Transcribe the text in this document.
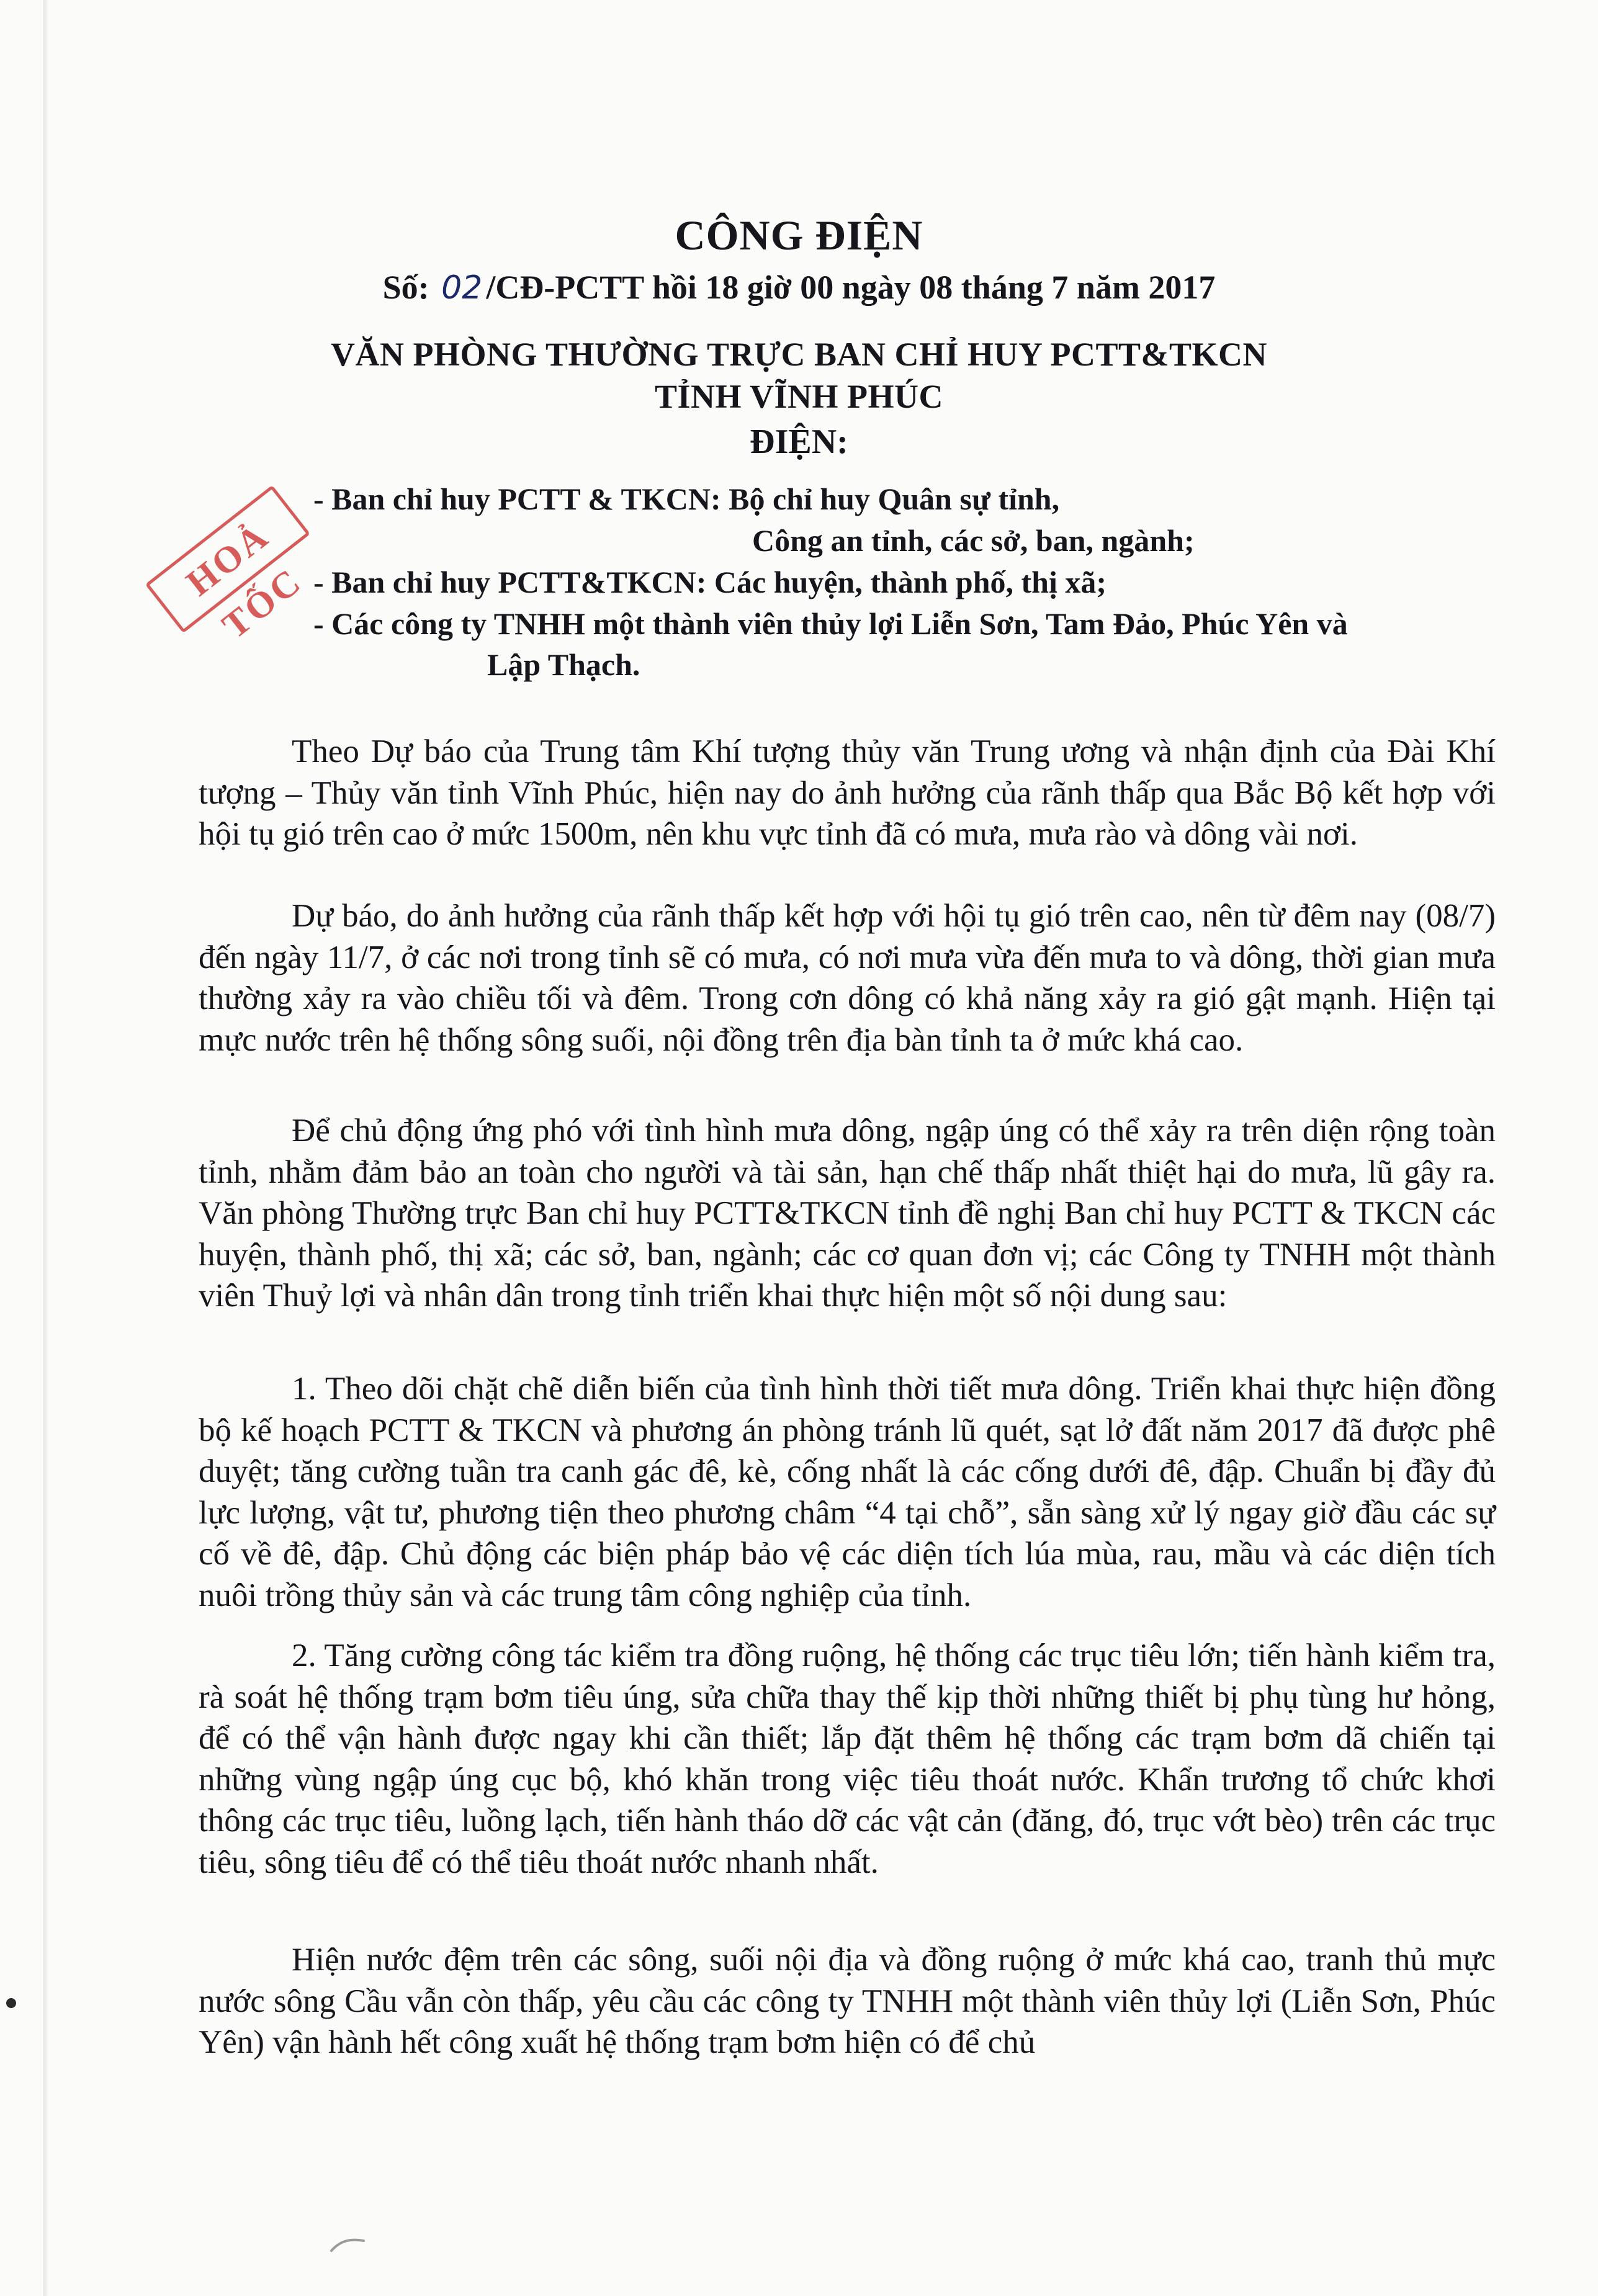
CÔNG ĐIỆN
Số: 02 /CĐ-PCTT hồi 18 giờ 00 ngày 08 tháng 7 năm 2017
VĂN PHÒNG THƯỜNG TRỰC BAN CHỈ HUY PCTT&TKCN
TỈNH VĨNH PHÚC
ĐIỆN:
- Ban chỉ huy PCTT & TKCN: Bộ chỉ huy Quân sự tỉnh,
Công an tỉnh, các sở, ban, ngành;
- Ban chỉ huy PCTT&TKCN: Các huyện, thành phố, thị xã;
- Các công ty TNHH một thành viên thủy lợi Liễn Sơn, Tam Đảo, Phúc Yên và
Lập Thạch.
HOẢ TỐC
Theo Dự báo của Trung tâm Khí tượng thủy văn Trung ương và nhận định của Đài Khí tượng – Thủy văn tỉnh Vĩnh Phúc, hiện nay do ảnh hưởng của rãnh thấp qua Bắc Bộ kết hợp với hội tụ gió trên cao ở mức 1500m, nên khu vực tỉnh đã có mưa, mưa rào và dông vài nơi.
Dự báo, do ảnh hưởng của rãnh thấp kết hợp với hội tụ gió trên cao, nên từ đêm nay (08/7) đến ngày 11/7, ở các nơi trong tỉnh sẽ có mưa, có nơi mưa vừa đến mưa to và dông, thời gian mưa thường xảy ra vào chiều tối và đêm. Trong cơn dông có khả năng xảy ra gió gật mạnh. Hiện tại mực nước trên hệ thống sông suối, nội đồng trên địa bàn tỉnh ta ở mức khá cao.
Để chủ động ứng phó với tình hình mưa dông, ngập úng có thể xảy ra trên diện rộng toàn tỉnh, nhằm đảm bảo an toàn cho người và tài sản, hạn chế thấp nhất thiệt hại do mưa, lũ gây ra. Văn phòng Thường trực Ban chỉ huy PCTT&TKCN tỉnh đề nghị Ban chỉ huy PCTT & TKCN các huyện, thành phố, thị xã; các sở, ban, ngành; các cơ quan đơn vị; các Công ty TNHH một thành viên Thuỷ lợi và nhân dân trong tỉnh triển khai thực hiện một số nội dung sau:
1. Theo dõi chặt chẽ diễn biến của tình hình thời tiết mưa dông. Triển khai thực hiện đồng bộ kế hoạch PCTT & TKCN và phương án phòng tránh lũ quét, sạt lở đất năm 2017 đã được phê duyệt; tăng cường tuần tra canh gác đê, kè, cống nhất là các cống dưới đê, đập. Chuẩn bị đầy đủ lực lượng, vật tư, phương tiện theo phương châm “4 tại chỗ”, sẵn sàng xử lý ngay giờ đầu các sự cố về đê, đập. Chủ động các biện pháp bảo vệ các diện tích lúa mùa, rau, mầu và các diện tích nuôi trồng thủy sản và các trung tâm công nghiệp của tỉnh.
2. Tăng cường công tác kiểm tra đồng ruộng, hệ thống các trục tiêu lớn; tiến hành kiểm tra, rà soát hệ thống trạm bơm tiêu úng, sửa chữa thay thế kịp thời những thiết bị phụ tùng hư hỏng, để có thể vận hành được ngay khi cần thiết; lắp đặt thêm hệ thống các trạm bơm dã chiến tại những vùng ngập úng cục bộ, khó khăn trong việc tiêu thoát nước. Khẩn trương tổ chức khơi thông các trục tiêu, luồng lạch, tiến hành tháo dỡ các vật cản (đăng, đó, trục vớt bèo) trên các trục tiêu, sông tiêu để có thể tiêu thoát nước nhanh nhất.
Hiện nước đệm trên các sông, suối nội địa và đồng ruộng ở mức khá cao, tranh thủ mực nước sông Cầu vẫn còn thấp, yêu cầu các công ty TNHH một thành viên thủy lợi (Liễn Sơn, Phúc Yên) vận hành hết công xuất hệ thống trạm bơm hiện có để chủ
